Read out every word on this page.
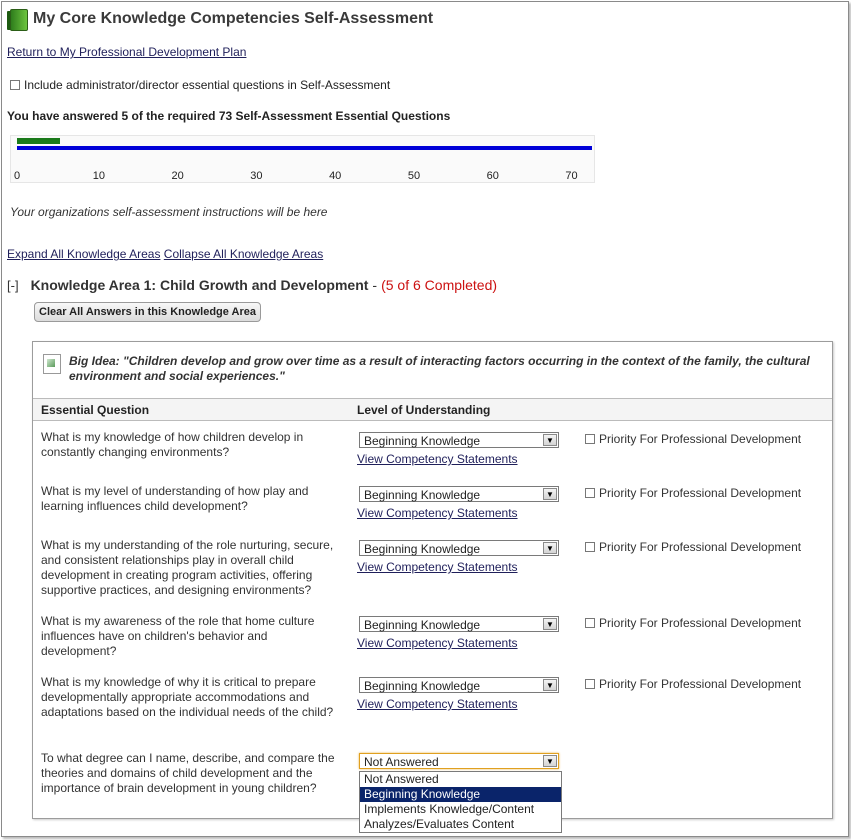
My Core Knowledge Competencies Self-Assessment
Return to My Professional Development Plan
Include administrator/director essential questions in Self-Assessment
You have answered 5 of the required 73 Self-Assessment Essential Questions
0	10	20	30	40	50	60	70
Your organizations self-assessment instructions will be here
Expand All Knowledge Areas Collapse All Knowledge Areas
[-] Knowledge Area 1: Child Growth and Development - (5 of 6 Completed)
Clear All Answers in this Knowledge Area
Big Idea: "Children develop and grow over time as a result of interacting factors occurring in the context of the family, the cultural environment and social experiences."
Essential Question	Level of Understanding
What is my knowledge of how children develop in constantly changing environments?
Beginning Knowledge	▼
View Competency Statements
Priority For Professional Development
What is my level of understanding of how play and learning influences child development?
Beginning Knowledge	▼
View Competency Statements
Priority For Professional Development
What is my understanding of the role nurturing, secure, and consistent relationships play in overall child development in creating program activities, offering supportive practices, and designing environments?
Beginning Knowledge	▼
View Competency Statements
Priority For Professional Development
What is my awareness of the role that home culture influences have on children's behavior and development?
Beginning Knowledge	▼
View Competency Statements
Priority For Professional Development
What is my knowledge of why it is critical to prepare developmentally appropriate accommodations and adaptations based on the individual needs of the child?
Beginning Knowledge	▼
View Competency Statements
Priority For Professional Development
To what degree can I name, describe, and compare the theories and domains of child development and the importance of brain development in young children?
Not Answered	▼
Not Answered
Beginning Knowledge
Implements Knowledge/Content
Analyzes/Evaluates Content
